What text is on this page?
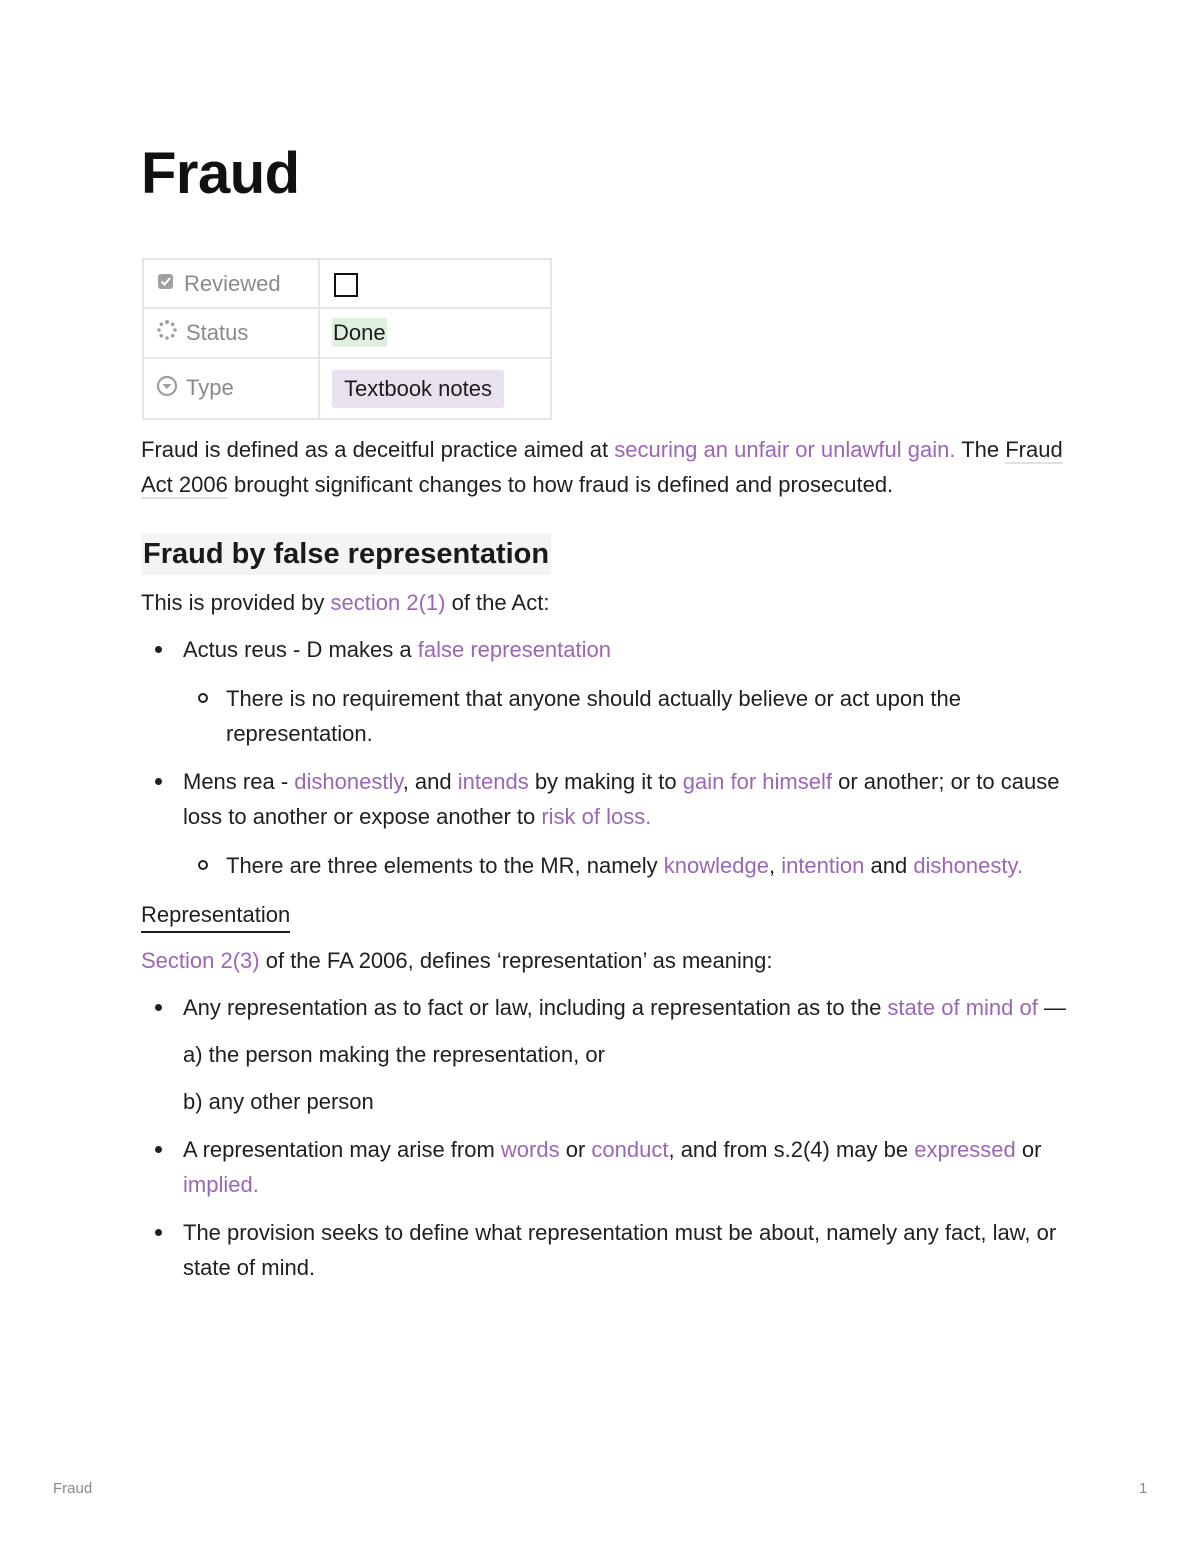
Fraud
Reviewed	
Status	Done
Type	Textbook notes

Fraud is defined as a deceitful practice aimed at securing an unfair or unlawful gain. The Fraud Act 2006 brought significant changes to how fraud is defined and prosecuted.

Fraud by false representation

This is provided by section 2(1) of the Act:

Actus reus - D makes a false representation
There is no requirement that anyone should actually believe or act upon the representation.
Mens rea - dishonestly, and intends by making it to gain for himself or another; or to cause loss to another or expose another to risk of loss.
There are three elements to the MR, namely knowledge, intention and dishonesty.
Representation

Section 2(3) of the FA 2006, defines ‘representation’ as meaning:

Any representation as to fact or law, including a representation as to the state of mind of —
a) the person making the representation, or
b) any other person
A representation may arise from words or conduct, and from s.2(4) may be expressed or implied.
The provision seeks to define what representation must be about, namely any fact, law, or state of mind.
Fraud	1
